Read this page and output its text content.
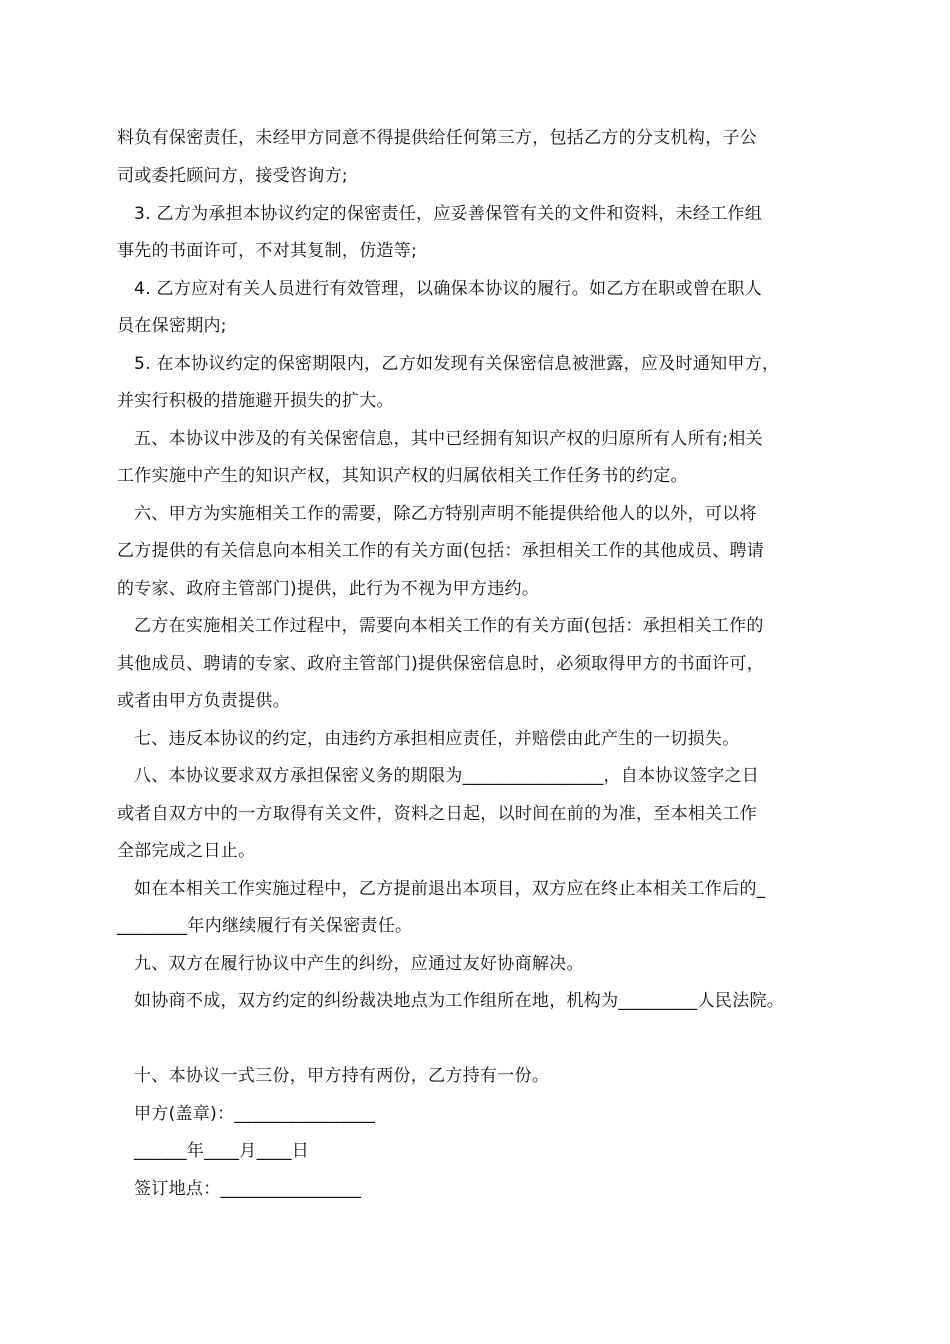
料负有保密责任，未经甲方同意不得提供给任何第三方，包括乙方的分支机构，子公
司或委托顾问方，接受咨询方;
3. 乙方为承担本协议约定的保密责任，应妥善保管有关的文件和资料，未经工作组
事先的书面许可，不对其复制，仿造等;
4. 乙方应对有关人员进行有效管理，以确保本协议的履行。如乙方在职或曾在职人
员在保密期内;
5. 在本协议约定的保密期限内，乙方如发现有关保密信息被泄露，应及时通知甲方，
并实行积极的措施避开损失的扩大。
五、本协议中涉及的有关保密信息，其中已经拥有知识产权的归原所有人所有;相关
工作实施中产生的知识产权，其知识产权的归属依相关工作任务书的约定。
六、甲方为实施相关工作的需要，除乙方特别声明不能提供给他人的以外，可以将
乙方提供的有关信息向本相关工作的有关方面(包括：承担相关工作的其他成员、聘请
的专家、政府主管部门)提供，此行为不视为甲方违约。
乙方在实施相关工作过程中，需要向本相关工作的有关方面(包括：承担相关工作的
其他成员、聘请的专家、政府主管部门)提供保密信息时，必须取得甲方的书面许可，
或者由甲方负责提供。
七、违反本协议的约定，由违约方承担相应责任，并赔偿由此产生的一切损失。
八、本协议要求双方承担保密义务的期限为________________，自本协议签字之日
或者自双方中的一方取得有关文件，资料之日起，以时间在前的为准，至本相关工作
全部完成之日止。
如在本相关工作实施过程中，乙方提前退出本项目，双方应在终止本相关工作后的_
________年内继续履行有关保密责任。
九、双方在履行协议中产生的纠纷，应通过友好协商解决。
如协商不成，双方约定的纠纷裁决地点为工作组所在地，机构为_________人民法院。
十、本协议一式三份，甲方持有两份，乙方持有一份。
甲方(盖章)：________________
______年____月____日
签订地点：________________
